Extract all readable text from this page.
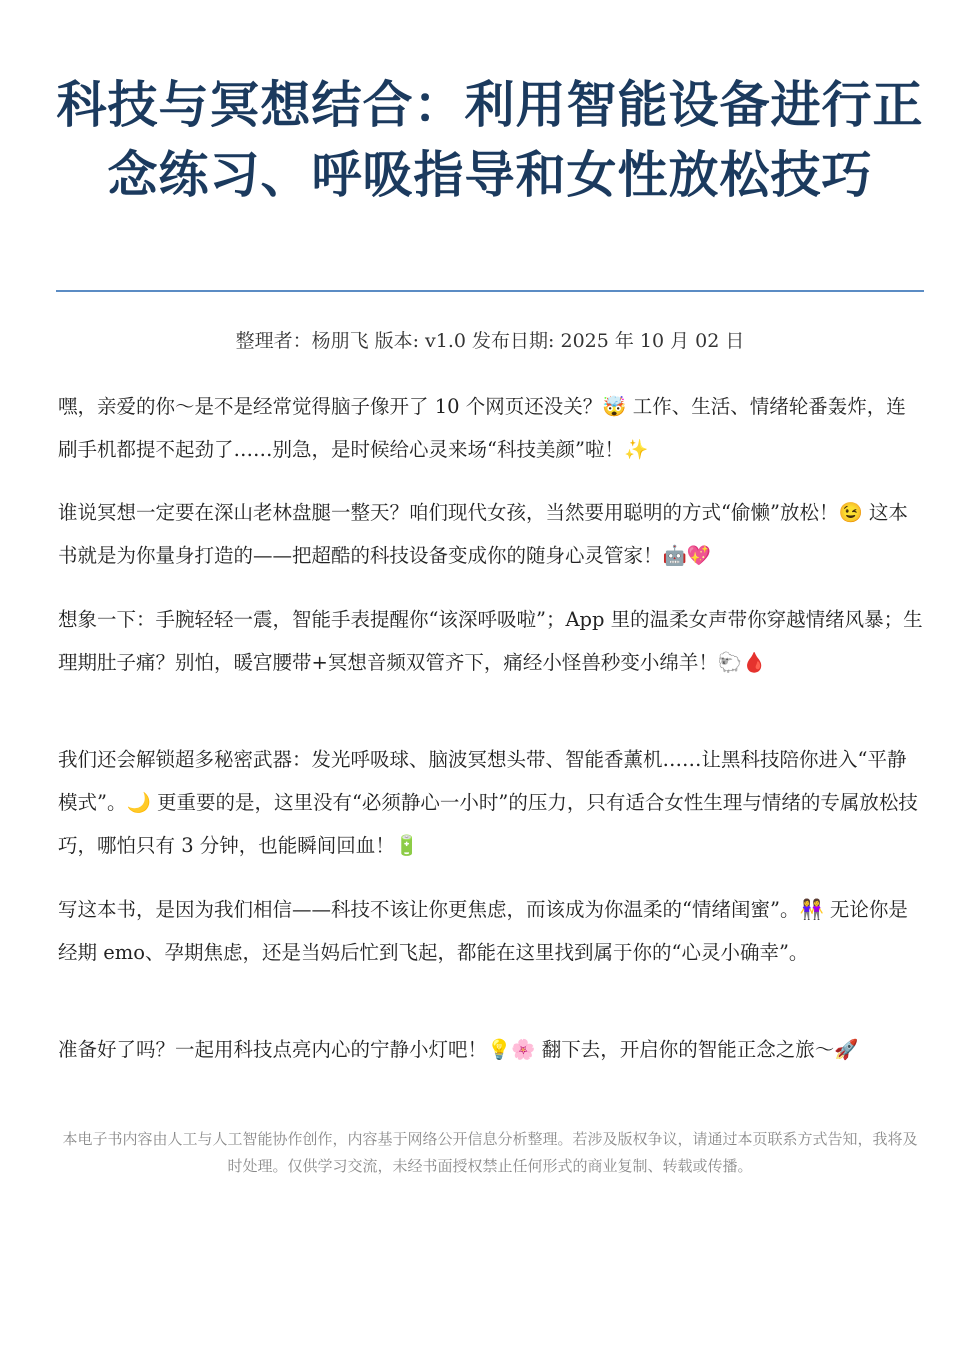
科技与冥想结合：利用智能设备进行正念练习、呼吸指导和女性放松技巧
整理者：杨朋飞 版本: v1.0 发布日期: 2025 年 10 月 02 日

嘿，亲爱的你～是不是经常觉得脑子像开了 10 个网页还没关？🤯 工作、生活、情绪轮番轰炸，连刷手机都提不起劲了……别急，是时候给心灵来场“科技美颜”啦！✨

谁说冥想一定要在深山老林盘腿一整天？咱们现代女孩，当然要用聪明的方式“偷懒”放松！😉 这本书就是为你量身打造的——把超酷的科技设备变成你的随身心灵管家！🤖💖

想象一下：手腕轻轻一震，智能手表提醒你“该深呼吸啦”；App 里的温柔女声带你穿越情绪风暴；生理期肚子痛？别怕，暖宫腰带+冥想音频双管齐下，痛经小怪兽秒变小绵羊！🐑🩸

我们还会解锁超多秘密武器：发光呼吸球、脑波冥想头带、智能香薰机……让黑科技陪你进入“平静模式”。🌙 更重要的是，这里没有“必须静心一小时”的压力，只有适合女性生理与情绪的专属放松技巧，哪怕只有 3 分钟，也能瞬间回血！🔋

写这本书，是因为我们相信——科技不该让你更焦虑，而该成为你温柔的“情绪闺蜜”。👭 无论你是经期 emo、孕期焦虑，还是当妈后忙到飞起，都能在这里找到属于你的“心灵小确幸”。

准备好了吗？一起用科技点亮内心的宁静小灯吧！💡🌸 翻下去，开启你的智能正念之旅～🚀

本电子书内容由人工与人工智能协作创作，内容基于网络公开信息分析整理。若涉及版权争议，请通过本页联系方式告知，我将及时处理。仅供学习交流，未经书面授权禁止任何形式的商业复制、转载或传播。
